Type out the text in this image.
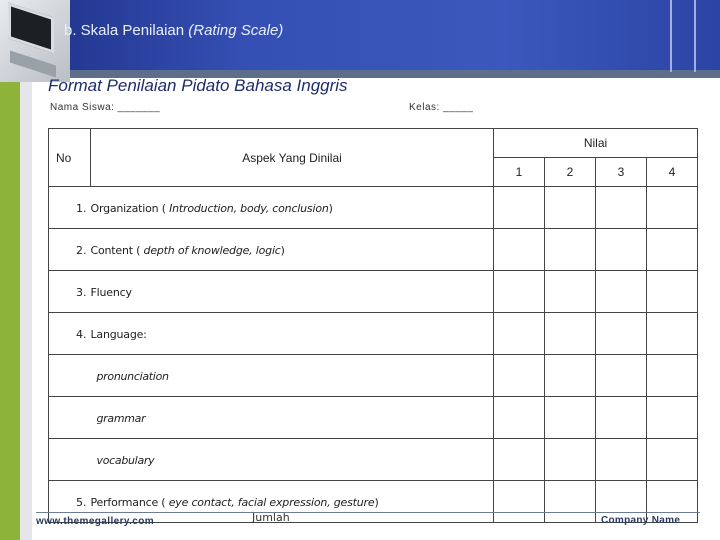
b. Skala Penilaian (Rating Scale)
Format Penilaian Pidato Bahasa Inggris
Nama Siswa: _______	Kelas: _____
No	Aspek Yang Dinilai	Nilai			
		1	2	3	4
1.	Organization ( Introduction, body, conclusion)				
2.	Content ( depth of knowledge, logic)				
3.	Fluency				
4.	Language:				
	pronunciation				
	grammar				
	vocabulary				
5.	Performance ( eye contact, facial expression, gesture)				
www.themegallery.com	Jumlah	Company Name
